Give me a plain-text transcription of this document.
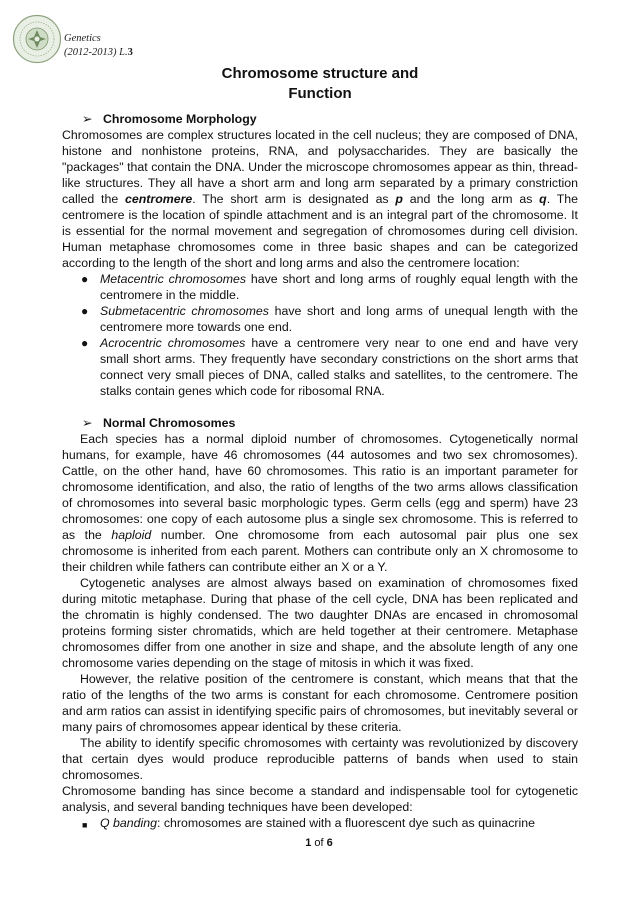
Genetics
(2012-2013) L.3
Chromosome structure and
Function
➢ Chromosome Morphology

Chromosomes are complex structures located in the cell nucleus; they are composed of DNA, histone and nonhistone proteins, RNA, and polysaccharides. They are basically the "packages" that contain the DNA. Under the microscope chromosomes appear as thin, thread-like structures. They all have a short arm and long arm separated by a primary constriction called the centromere. The short arm is designated as p and the long arm as q. The centromere is the location of spindle attachment and is an integral part of the chromosome. It is essential for the normal movement and segregation of chromosomes during cell division. Human metaphase chromosomes come in three basic shapes and can be categorized according to the length of the short and long arms and also the centromere location:

● Metacentric chromosomes have short and long arms of roughly equal length with the centromere in the middle.
● Submetacentric chromosomes have short and long arms of unequal length with the centromere more towards one end.
● Acrocentric chromosomes have a centromere very near to one end and have very small short arms. They frequently have secondary constrictions on the short arms that connect very small pieces of DNA, called stalks and satellites, to the centromere. The stalks contain genes which code for ribosomal RNA.
➢ Normal Chromosomes

Each species has a normal diploid number of chromosomes. Cytogenetically normal humans, for example, have 46 chromosomes (44 autosomes and two sex chromosomes). Cattle, on the other hand, have 60 chromosomes. This ratio is an important parameter for chromosome identification, and also, the ratio of lengths of the two arms allows classification of chromosomes into several basic morphologic types. Germ cells (egg and sperm) have 23 chromosomes: one copy of each autosome plus a single sex chromosome. This is referred to as the haploid number. One chromosome from each autosomal pair plus one sex chromosome is inherited from each parent. Mothers can contribute only an X chromosome to their children while fathers can contribute either an X or a Y.

Cytogenetic analyses are almost always based on examination of chromosomes fixed during mitotic metaphase. During that phase of the cell cycle, DNA has been replicated and the chromatin is highly condensed. The two daughter DNAs are encased in chromosomal proteins forming sister chromatids, which are held together at their centromere. Metaphase chromosomes differ from one another in size and shape, and the absolute length of any one chromosome varies depending on the stage of mitosis in which it was fixed.

However, the relative position of the centromere is constant, which means that that the ratio of the lengths of the two arms is constant for each chromosome. Centromere position and arm ratios can assist in identifying specific pairs of chromosomes, but inevitably several or many pairs of chromosomes appear identical by these criteria.

The ability to identify specific chromosomes with certainty was revolutionized by discovery that certain dyes would produce reproducible patterns of bands when used to stain chromosomes.

Chromosome banding has since become a standard and indispensable tool for cytogenetic analysis, and several banding techniques have been developed:

■ Q banding: chromosomes are stained with a fluorescent dye such as quinacrine
1 of 6
